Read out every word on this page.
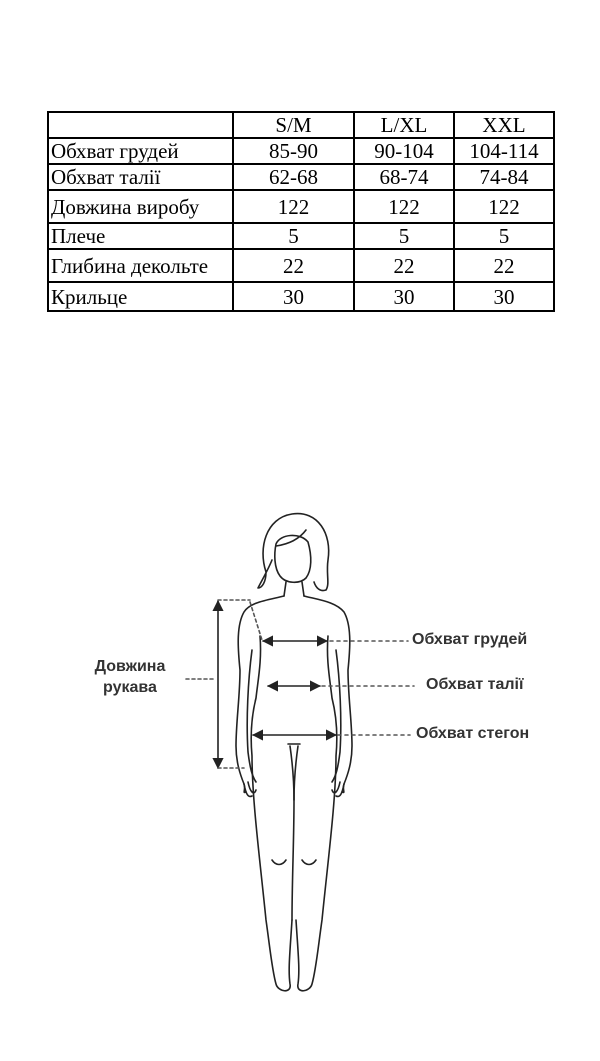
	S/M	L/XL	XXL
Обхват грудей	85-90	90-104	104-114
Обхват талії	62-68	68-74	74-84
Довжина виробу	122	122	122
Плече	5	5	5
Глибина декольте	22	22	22
Крильце	30	30	30
Довжина
рукава
Обхват грудей
Обхват талії
Обхват стегон
